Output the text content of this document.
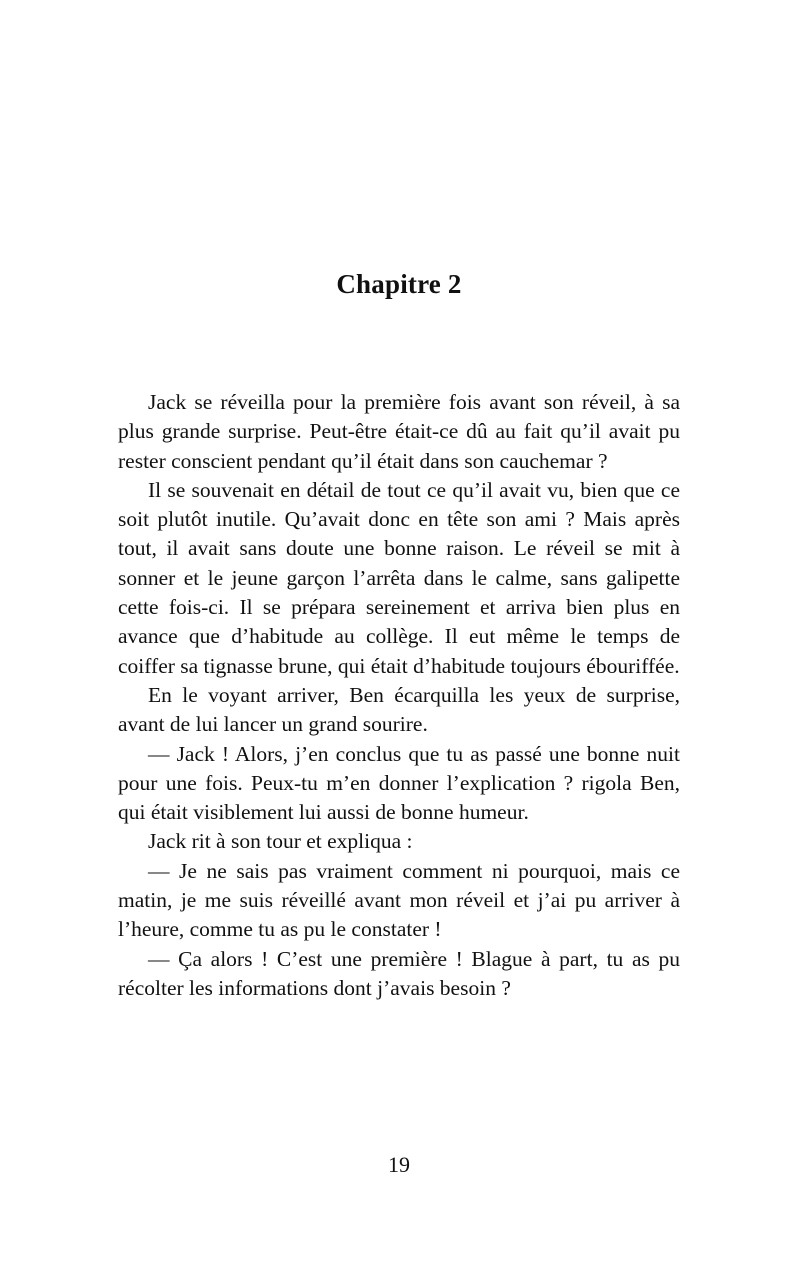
Chapitre 2

Jack se réveilla pour la première fois avant son réveil, à sa plus grande surprise. Peut-être était-ce dû au fait qu’il avait pu rester conscient pendant qu’il était dans son cauchemar ?

Il se souvenait en détail de tout ce qu’il avait vu, bien que ce soit plutôt inutile. Qu’avait donc en tête son ami ? Mais après tout, il avait sans doute une bonne raison. Le réveil se mit à sonner et le jeune garçon l’arrêta dans le calme, sans galipette cette fois-ci. Il se prépara sereinement et arriva bien plus en avance que d’habitude au collège. Il eut même le temps de coiffer sa tignasse brune, qui était d’habitude toujours ébouriffée.

En le voyant arriver, Ben écarquilla les yeux de surprise, avant de lui lancer un grand sourire.

— Jack ! Alors, j’en conclus que tu as passé une bonne nuit pour une fois. Peux-tu m’en donner l’explication ? rigola Ben, qui était visiblement lui aussi de bonne humeur.

Jack rit à son tour et expliqua :

— Je ne sais pas vraiment comment ni pourquoi, mais ce matin, je me suis réveillé avant mon réveil et j’ai pu arriver à l’heure, comme tu as pu le constater !

— Ça alors ! C’est une première ! Blague à part, tu as pu récolter les informations dont j’avais besoin ?

19
